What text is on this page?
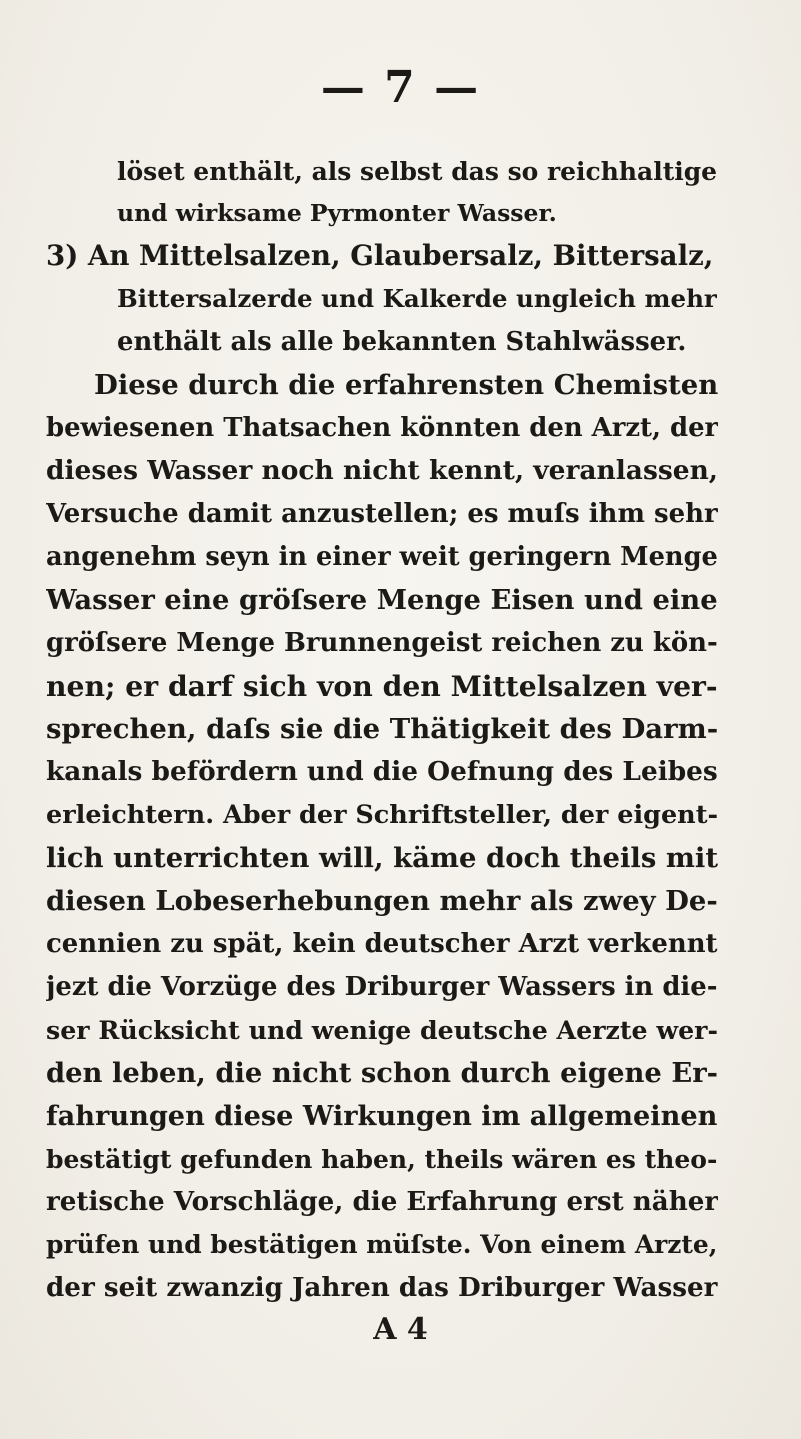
— 7 —
löset enthält, als selbst das so reichhaltige
und wirksame Pyrmonter Wasser.
3) An Mittelsalzen, Glaubersalz, Bittersalz,
Bittersalzerde und Kalkerde ungleich mehr
enthält als alle bekannten Stahlwässer.
Diese durch die erfahrensten Chemisten
bewiesenen Thatsachen könnten den Arzt, der
dieses Wasser noch nicht kennt, veranlassen,
Versuche damit anzustellen; es muſs ihm sehr
angenehm seyn in einer weit geringern Menge
Wasser eine gröſsere Menge Eisen und eine
gröſsere Menge Brunnengeist reichen zu kön-
nen; er darf sich von den Mittelsalzen ver-
sprechen, daſs sie die Thätigkeit des Darm-
kanals befördern und die Oefnung des Leibes
erleichtern. Aber der Schriftsteller, der eigent-
lich unterrichten will, käme doch theils mit
diesen Lobeserhebungen mehr als zwey De-
cennien zu spät, kein deutscher Arzt verkennt
jezt die Vorzüge des Driburger Wassers in die-
ser Rücksicht und wenige deutsche Aerzte wer-
den leben, die nicht schon durch eigene Er-
fahrungen diese Wirkungen im allgemeinen
bestätigt gefunden haben, theils wären es theo-
retische Vorschläge, die Erfahrung erst näher
prüfen und bestätigen müſste. Von einem Arzte,
der seit zwanzig Jahren das Driburger Wasser
A 4
